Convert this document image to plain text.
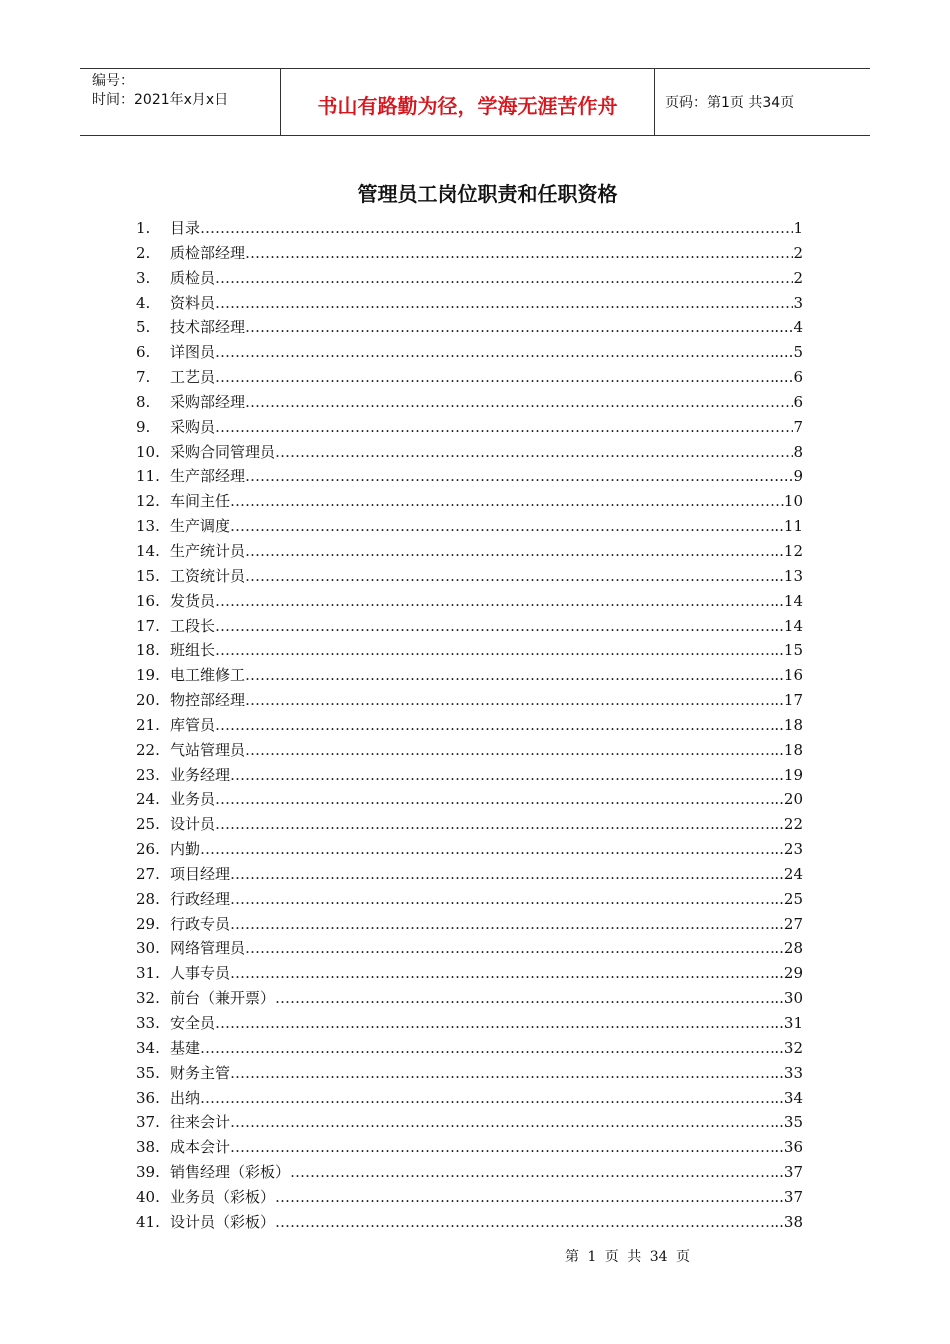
编号：
时间：2021年x月x日	书山有路勤为径，学海无涯苦作舟	页码：第1页 共34页
管理员工岗位职责和任职资格
1.	目录 …………………………………………………………………………………………………………………………………………………………………………	1
2.	质检部经理 …………………………………………………………………………………………………………………………………………………………………………	2
3.	质检员 …………………………………………………………………………………………………………………………………………………………………………	2
4.	资料员 …………………………………………………………………………………………………………………………………………………………………………	3
5.	技术部经理 …………………………………………………………………………………………………………………………………………………………………………	....4
6.	详图员 …………………………………………………………………………………………………………………………………………………………………………	....5
7.	工艺员 …………………………………………………………………………………………………………………………………………………………………………	....6
8.	采购部经理 …………………………………………………………………………………………………………………………………………………………………………	6
9.	采购员 …………………………………………………………………………………………………………………………………………………………………………	7
10. 采购合同管理员 …………………………………………………………………………………………………………………………………………………………………………	8
11. 生产部经理 …………………………………………………………………………………………………………………………………………………………………………	……...9
12. 车间主任 …………………………………………………………………………………………………………………………………………………………………………	10
13. 生产调度 …………………………………………………………………………………………………………………………………………………………………………	..11
14. 生产统计员 …………………………………………………………………………………………………………………………………………………………………………	..12
15. 工资统计员 …………………………………………………………………………………………………………………………………………………………………………	..13
16. 发货员 …………………………………………………………………………………………………………………………………………………………………………	..14
17. 工段长 …………………………………………………………………………………………………………………………………………………………………………	..14
18. 班组长 …………………………………………………………………………………………………………………………………………………………………………	..15
19. 电工维修工 …………………………………………………………………………………………………………………………………………………………………………	..16
20. 物控部经理 …………………………………………………………………………………………………………………………………………………………………………	..17
21. 库管员 …………………………………………………………………………………………………………………………………………………………………………	..18
22. 气站管理员 …………………………………………………………………………………………………………………………………………………………………………	..18
23. 业务经理 …………………………………………………………………………………………………………………………………………………………………………	..19
24. 业务员 …………………………………………………………………………………………………………………………………………………………………………	..20
25. 设计员 …………………………………………………………………………………………………………………………………………………………………………	..22
26. 内勤 …………………………………………………………………………………………………………………………………………………………………………	..23
27. 项目经理 …………………………………………………………………………………………………………………………………………………………………………	..24
28. 行政经理 …………………………………………………………………………………………………………………………………………………………………………	..25
29. 行政专员 …………………………………………………………………………………………………………………………………………………………………………	..27
30. 网络管理员 …………………………………………………………………………………………………………………………………………………………………………	..28
31. 人事专员 …………………………………………………………………………………………………………………………………………………………………………	..29
32. 前台（兼开票） …………………………………………………………………………………………………………………………………………………………………………	..30
33. 安全员 …………………………………………………………………………………………………………………………………………………………………………	..31
34. 基建 …………………………………………………………………………………………………………………………………………………………………………	..32
35. 财务主管 …………………………………………………………………………………………………………………………………………………………………………	..33
36. 出纳 …………………………………………………………………………………………………………………………………………………………………………	..34
37. 往来会计 …………………………………………………………………………………………………………………………………………………………………………	..35
38. 成本会计 …………………………………………………………………………………………………………………………………………………………………………	..36
39. 销售经理（彩板） …………………………………………………………………………………………………………………………………………………………………………	..37
40. 业务员（彩板） …………………………………………………………………………………………………………………………………………………………………………	..37
41. 设计员（彩板） …………………………………………………………………………………………………………………………………………………………………………	..38
第 1 页 共 34 页
